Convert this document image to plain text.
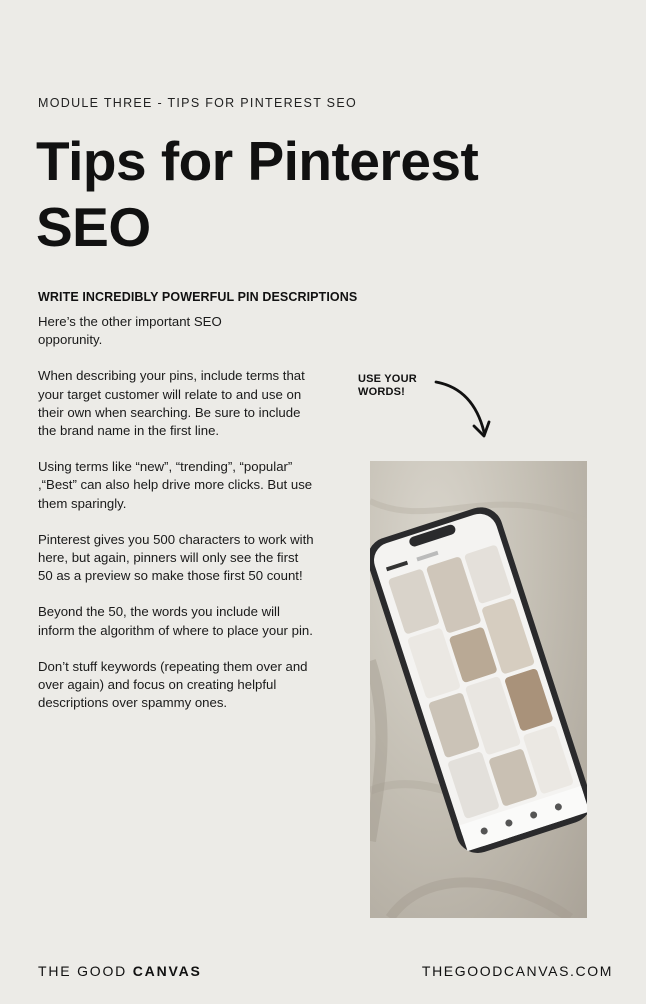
MODULE THREE - TIPS FOR PINTEREST SEO
Tips for Pinterest
SEO
WRITE INCREDIBLY POWERFUL PIN DESCRIPTIONS

Here’s the other important SEO opporunity.

When describing your pins, include terms that your target customer will relate to and use on their own when searching. Be sure to include the brand name in the first line.

Using terms like “new”, “trending”, “popular” ,“Best” can also help drive more clicks. But use them sparingly.

Pinterest gives you 500 characters to work with here, but again, pinners will only see the first 50 as a preview so make those first 50 count!

Beyond the 50, the words you include will inform the algorithm of where to place your pin.

Don’t stuff keywords (repeating them over and over again) and focus on creating helpful descriptions over spammy ones.

USE YOUR
WORDS!
THE GOOD CANVAS	THEGOODCANVAS.COM
